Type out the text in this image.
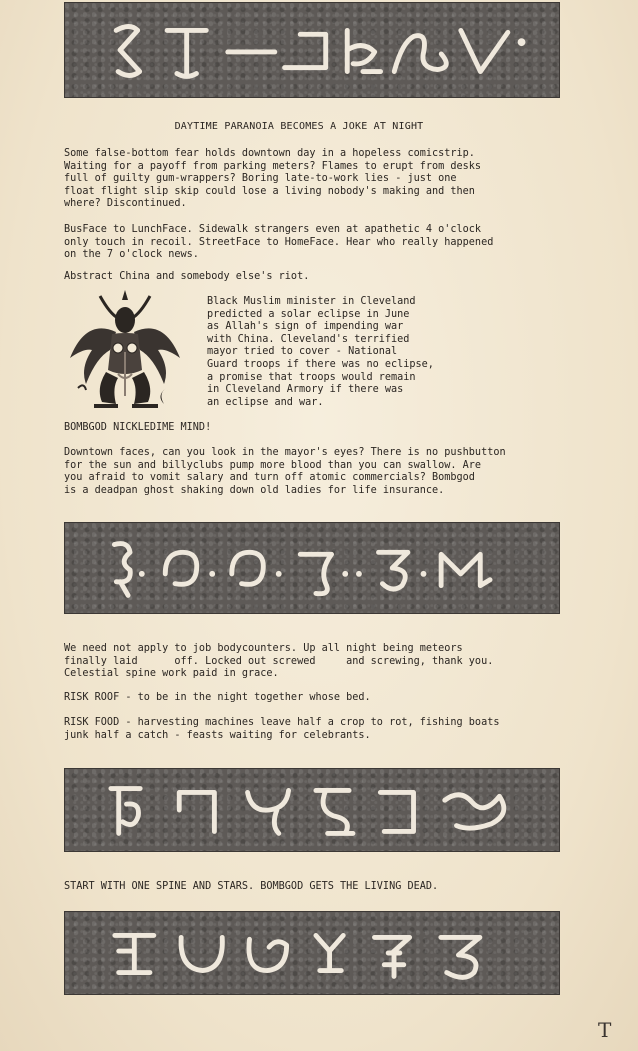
DAYTIME PARANOIA BECOMES A JOKE AT NIGHT

Some false-bottom fear holds downtown day in a hopeless comicstrip.
Waiting for a payoff from parking meters? Flames to erupt from desks
full of guilty gum-wrappers? Boring late-to-work lies - just one
float flight slip skip could lose a living nobody's making and then
where? Discontinued.

BusFace to LunchFace. Sidewalk strangers even at apathetic 4 o'clock
only touch in recoil. StreetFace to HomeFace. Hear who really happened
on the 7 o'clock news.

Abstract China and somebody else's riot.

Black Muslim minister in Cleveland
predicted a solar eclipse in June
as Allah's sign of impending war
with China. Cleveland's terrified
mayor tried to cover - National
Guard troops if there was no eclipse,
a promise that troops would remain
in Cleveland Armory if there was
an eclipse and war.

BOMBGOD NICKLEDIME MIND!

Downtown faces, can you look in the mayor's eyes? There is no pushbutton
for the sun and billyclubs pump more blood than you can swallow. Are
you afraid to vomit salary and turn off atomic commercials? Bombgod
is a deadpan ghost shaking down old ladies for life insurance.

We need not apply to job bodycounters. Up all night being meteors
finally laid      off. Locked out screwed     and screwing, thank you.
Celestial spine work paid in grace.

RISK ROOF - to be in the night together whose bed.

RISK FOOD - harvesting machines leave half a crop to rot, fishing boats
junk half a catch - feasts waiting for celebrants.

START WITH ONE SPINE AND STARS. BOMBGOD GETS THE LIVING DEAD.

T
